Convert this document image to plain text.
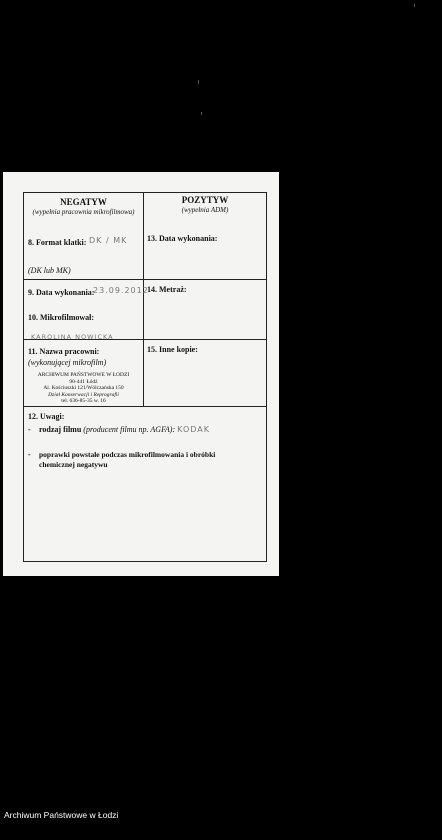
NEGATYW
(wypełnia pracownia mikrofilmowa)
POZYTYW
(wypełnia ADM)
8. Format klatki: DK / MK
(DK lub MK)
13. Data wykonania:
9. Data wykonania:
23.09.2012
14. Metraż:
10. Mikrofilmował:
KAROLINA NOWICKA
11. Nazwa pracowni:
(wykonującej mikrofilm)
ARCHIWUM PAŃSTWOWE W ŁODZI
90-441 Łódź
Al. Kościuszki 121/Wólczańska 150
Dział Konserwacji i Reprografii
tel. 636-85-35 w. 16
15. Inne kopie:
12. Uwagi:
- rodzaj filmu (producent filmu np. AGFA): KODAK
- poprawki powstałe podczas mikrofilmowania i obróbki
chemicznej negatywu
Archiwum Państwowe w Łodzi
